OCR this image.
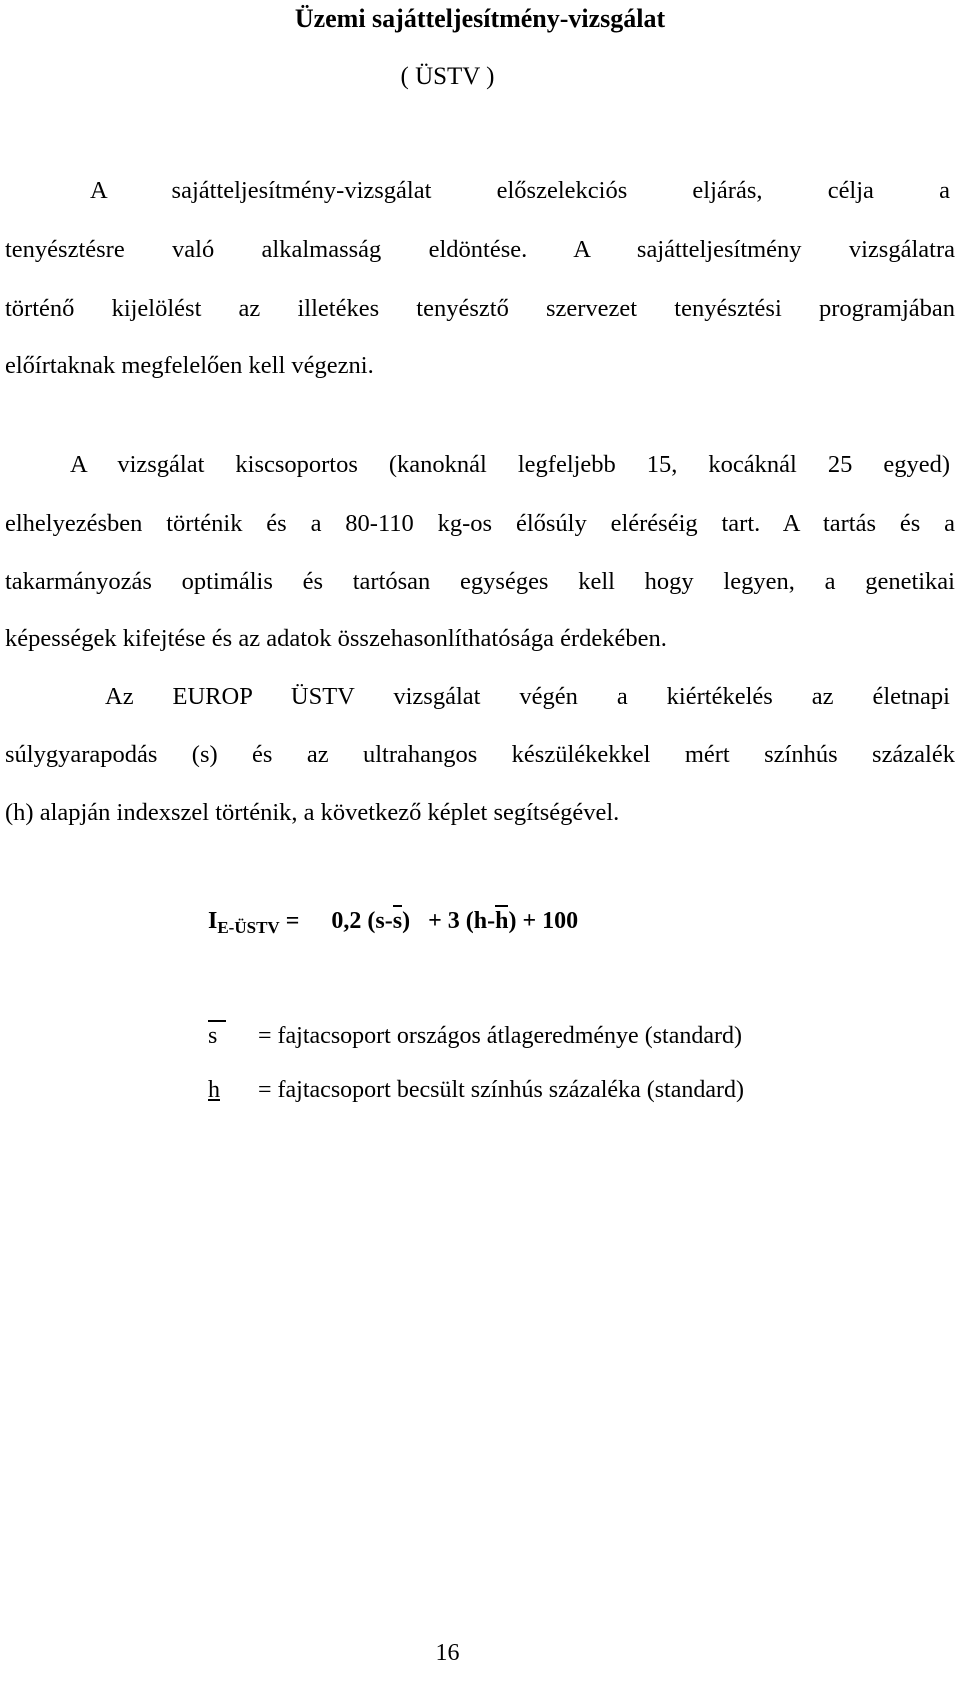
Üzemi sajátteljesítmény-vizsgálat

( ÜSTV )

A sajátteljesítmény-vizsgálat előszelekciós eljárás, célja a

tenyésztésre való alkalmasság eldöntése. A sajátteljesítmény vizsgálatra

történő kijelölést az illetékes tenyésztő szervezet tenyésztési programjában

előírtaknak megfelelően kell végezni.

A vizsgálat kiscsoportos (kanoknál legfeljebb 15, kocáknál 25 egyed)

elhelyezésben történik és a 80-110 kg-os élősúly eléréséig tart. A tartás és a

takarmányozás optimális és tartósan egységes kell hogy legyen, a genetikai

képességek kifejtése és az adatok összehasonlíthatósága érdekében.

Az EUROP ÜSTV vizsgálat végén a kiértékelés az életnapi

súlygyarapodás (s) és az ultrahangos készülékekkel mért színhús százalék

(h) alapján indexszel történik, a következő képlet segítségével.

$I_{E-ÜSTV} = 0,2$ (s-s) + 3 (h-h) + 100
s = fajtacsoport országos átlageredménye (standard)
h = fajtacsoport becsült színhús százaléka (standard)
16
